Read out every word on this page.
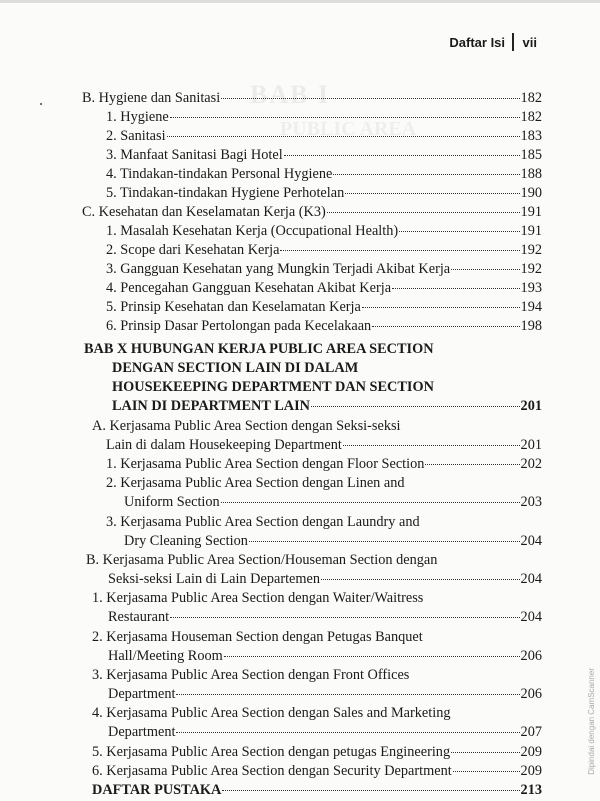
Daftar Isi vii
BAB I
PUBLIC AREA
B. Hygiene dan Sanitasi	182
1. Hygiene	182
2. Sanitasi	183
3. Manfaat Sanitasi Bagi Hotel	185
4. Tindakan-tindakan Personal Hygiene	188
5. Tindakan-tindakan Hygiene Perhotelan	190
C. Kesehatan dan Keselamatan Kerja (K3)	191
1. Masalah Kesehatan Kerja (Occupational Health)	191
2. Scope dari Kesehatan Kerja	192
3. Gangguan Kesehatan yang Mungkin Terjadi Akibat Kerja	192
4. Pencegahan Gangguan Kesehatan Akibat Kerja	193
5. Prinsip Kesehatan dan Keselamatan Kerja	194
6. Prinsip Dasar Pertolongan pada Kecelakaan	198
BAB X HUBUNGAN KERJA PUBLIC AREA SECTION
DENGAN SECTION LAIN DI DALAM
HOUSEKEEPING DEPARTMENT DAN SECTION
LAIN DI DEPARTMENT LAIN	201
A. Kerjasama Public Area Section dengan Seksi-seksi
Lain di dalam Housekeeping Department	201
1. Kerjasama Public Area Section dengan Floor Section	202
2. Kerjasama Public Area Section dengan Linen and
Uniform Section	203
3. Kerjasama Public Area Section dengan Laundry and
Dry Cleaning Section	204
B. Kerjasama Public Area Section/Houseman Section dengan
Seksi-seksi Lain di Lain Departemen	204
1. Kerjasama Public Area Section dengan Waiter/Waitress
Restaurant	204
2. Kerjasama Houseman Section dengan Petugas Banquet
Hall/Meeting Room	206
3. Kerjasama Public Area Section dengan Front Offices
Department	206
4. Kerjasama Public Area Section dengan Sales and Marketing
Department	207
5. Kerjasama Public Area Section dengan petugas Engineering	209
6. Kerjasama Public Area Section dengan Security Department	209
DAFTAR PUSTAKA	213
Dipindai dengan CamScanner
